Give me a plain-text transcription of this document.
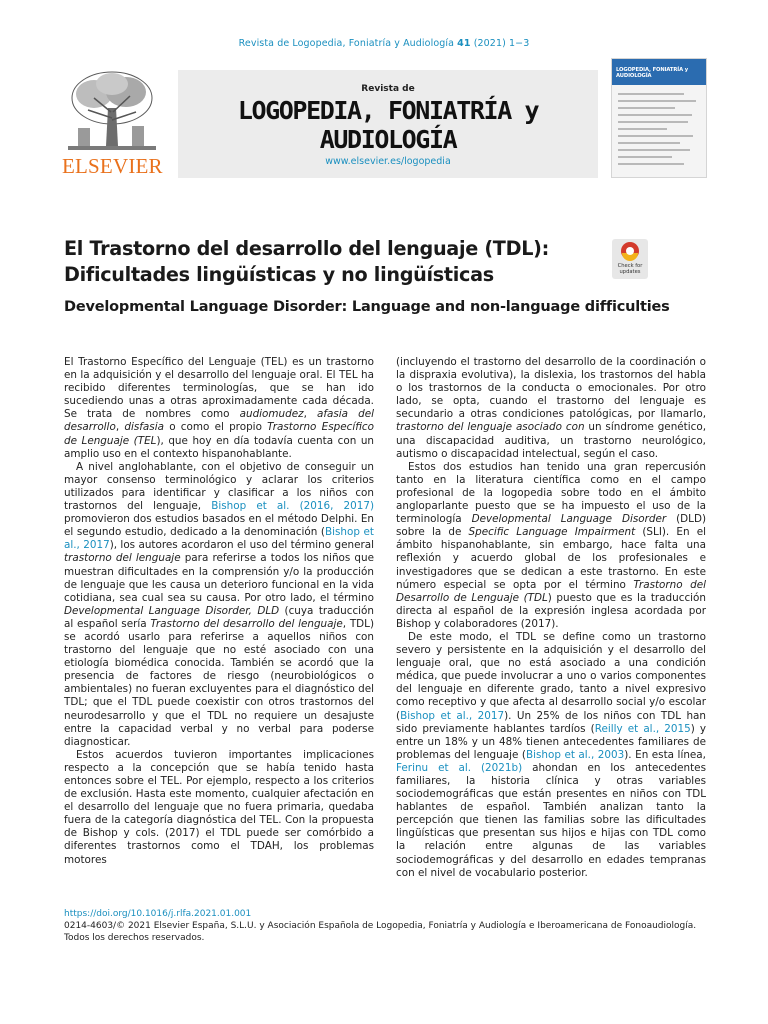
Revista de Logopedia, Foniatría y Audiología 41 (2021) 1−3
ELSEVIER
Revista de
LOGOPEDIA, FONIATRÍA y AUDIOLOGÍA
www.elsevier.es/logopedia
LOGOPEDIA, FONIATRÍA y AUDIOLOGÍA
El Trastorno del desarrollo del lenguaje (TDL):
Dificultades lingüísticas y no lingüísticas	Check for updates
Developmental Language Disorder: Language and non-language difficulties

El Trastorno Específico del Lenguaje (TEL) es un trastorno en la adquisición y el desarrollo del lenguaje oral. El TEL ha recibido diferentes terminologías, que se han ido sucediendo unas a otras aproximadamente cada década. Se trata de nombres como audiomudez, afasia del desarrollo, disfasia o como el propio Trastorno Específico de Lenguaje (TEL), que hoy en día todavía cuenta con un amplio uso en el contexto hispanohablante.

A nivel anglohablante, con el objetivo de conseguir un mayor consenso terminológico y aclarar los criterios utilizados para identificar y clasificar a los niños con trastornos del lenguaje, Bishop et al. (2016, 2017) promovieron dos estudios basados en el método Delphi. En el segundo estudio, dedicado a la denominación (Bishop et al., 2017), los autores acordaron el uso del término general trastorno del lenguaje para referirse a todos los niños que muestran dificultades en la comprensión y/o la producción de lenguaje que les causa un deterioro funcional en la vida cotidiana, sea cual sea su causa. Por otro lado, el término Developmental Language Disorder, DLD (cuya traducción al español sería Trastorno del desarrollo del lenguaje, TDL) se acordó usarlo para referirse a aquellos niños con trastorno del lenguaje que no esté asociado con una etiología biomédica conocida. También se acordó que la presencia de factores de riesgo (neurobiológicos o ambientales) no fueran excluyentes para el diagnóstico del TDL; que el TDL puede coexistir con otros trastornos del neurodesarrollo y que el TDL no requiere un desajuste entre la capacidad verbal y no verbal para poderse diagnosticar.

Estos acuerdos tuvieron importantes implicaciones respecto a la concepción que se había tenido hasta entonces sobre el TEL. Por ejemplo, respecto a los criterios de exclusión. Hasta este momento, cualquier afectación en el desarrollo del lenguaje que no fuera primaria, quedaba fuera de la categoría diagnóstica del TEL. Con la propuesta de Bishop y cols. (2017) el TDL puede ser comórbido a diferentes trastornos como el TDAH, los problemas motores

(incluyendo el trastorno del desarrollo de la coordinación o la dispraxia evolutiva), la dislexia, los trastornos del habla o los trastornos de la conducta o emocionales. Por otro lado, se opta, cuando el trastorno del lenguaje es secundario a otras condiciones patológicas, por llamarlo, trastorno del lenguaje asociado con un síndrome genético, una discapacidad auditiva, un trastorno neurológico, autismo o discapacidad intelectual, según el caso.

Estos dos estudios han tenido una gran repercusión tanto en la literatura científica como en el campo profesional de la logopedia sobre todo en el ámbito angloparlante puesto que se ha impuesto el uso de la terminología Developmental Language Disorder (DLD) sobre la de Specific Language Impairment (SLI). En el ámbito hispanohablante, sin embargo, hace falta una reflexión y acuerdo global de los profesionales e investigadores que se dedican a este trastorno. En este número especial se opta por el término Trastorno del Desarrollo de Lenguaje (TDL) puesto que es la traducción directa al español de la expresión inglesa acordada por Bishop y colaboradores (2017).

De este modo, el TDL se define como un trastorno severo y persistente en la adquisición y el desarrollo del lenguaje oral, que no está asociado a una condición médica, que puede involucrar a uno o varios componentes del lenguaje en diferente grado, tanto a nivel expresivo como receptivo y que afecta al desarrollo social y/o escolar (Bishop et al., 2017). Un 25% de los niños con TDL han sido previamente hablantes tardíos (Reilly et al., 2015) y entre un 18% y un 48% tienen antecedentes familiares de problemas del lenguaje (Bishop et al., 2003). En esta línea, Ferinu et al. (2021b) ahondan en los antecedentes familiares, la historia clínica y otras variables sociodemográficas que están presentes en niños con TDL hablantes de español. También analizan tanto la percepción que tienen las familias sobre las dificultades lingüísticas que presentan sus hijos e hijas con TDL como la relación entre algunas de las variables sociodemográficas y del desarrollo en edades tempranas con el nivel de vocabulario posterior.

https://doi.org/10.1016/j.rlfa.2021.01.001
0214-4603/© 2021 Elsevier España, S.L.U. y Asociación Española de Logopedia, Foniatría y Audiología e Iberoamericana de Fonoaudiología. Todos los derechos reservados.
